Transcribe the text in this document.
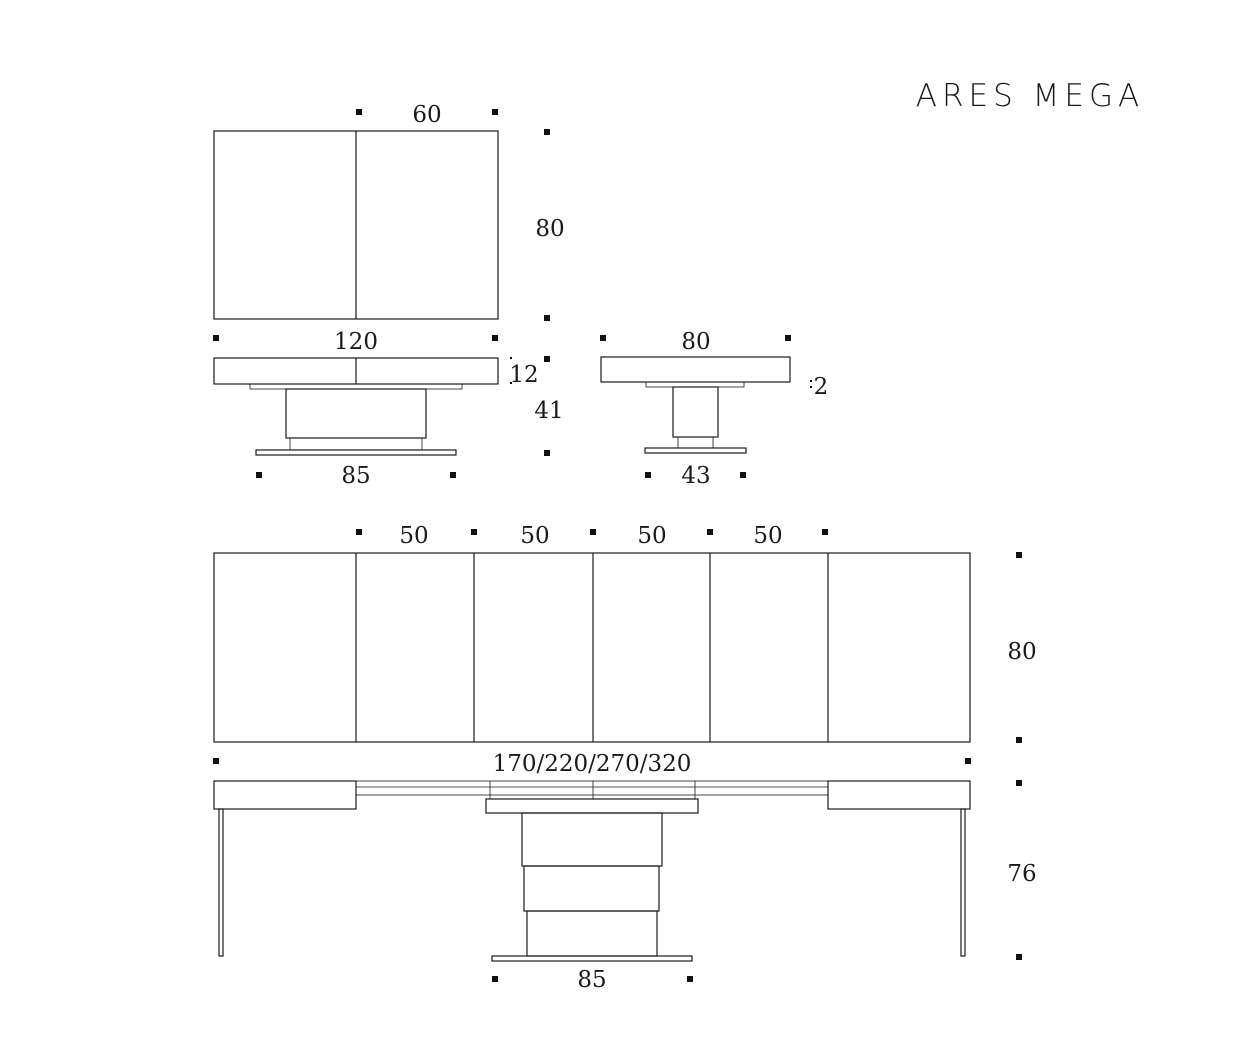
ARES MEGA
60
80
120
12
41
85
80
2
43
50	50	50	50
80
170/220/270/320
76
85
